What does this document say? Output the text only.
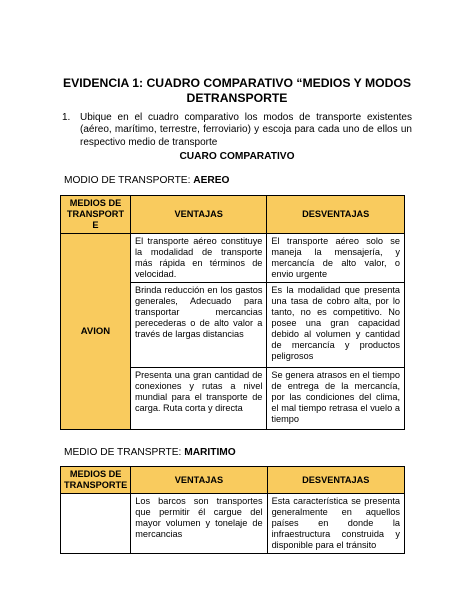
EVIDENCIA 1: CUADRO COMPARATIVO “MEDIOS Y MODOS DETRANSPORTE
1. Ubique en el cuadro comparativo los modos de transporte existentes (aéreo, marítimo, terrestre, ferroviario) y escoja para cada uno de ellos un respectivo medio de transporte
CUARO COMPARATIVO
MODIO DE TRANSPORTE: AEREO
MEDIOS DE TRANSPORT E	VENTAJAS	DESVENTAJAS
AVION	El transporte aéreo constituye la modalidad de transporte más rápida en términos de velocidad.	El transporte aéreo solo se maneja la mensajería, y mercancía de alto valor, o envio urgente
	Brinda reducción en los gastos generales, Adecuado para transportar mercancias perecederas o de alto valor a través de largas distancias	Es la modalidad que presenta una tasa de cobro alta, por lo tanto, no es competitivo. No posee una gran capacidad debido al volumen y cantidad de mercancía y productos peligrosos
	Presenta una gran cantidad de conexiones y rutas a nivel mundial para el transporte de carga. Ruta corta y directa	Se genera atrasos en el tiempo de entrega de la mercancía, por las condiciones del clima, el mal tiempo retrasa el vuelo a tiempo
MEDIO DE TRANSPRTE: MARITIMO
MEDIOS DE TRANSPORTE	VENTAJAS	DESVENTAJAS
	Los barcos son transportes que permitir él cargue del mayor volumen y tonelaje de mercancias	Esta característica se presenta generalmente en aquellos países en donde la infraestructura construida y disponible para el tránsito
